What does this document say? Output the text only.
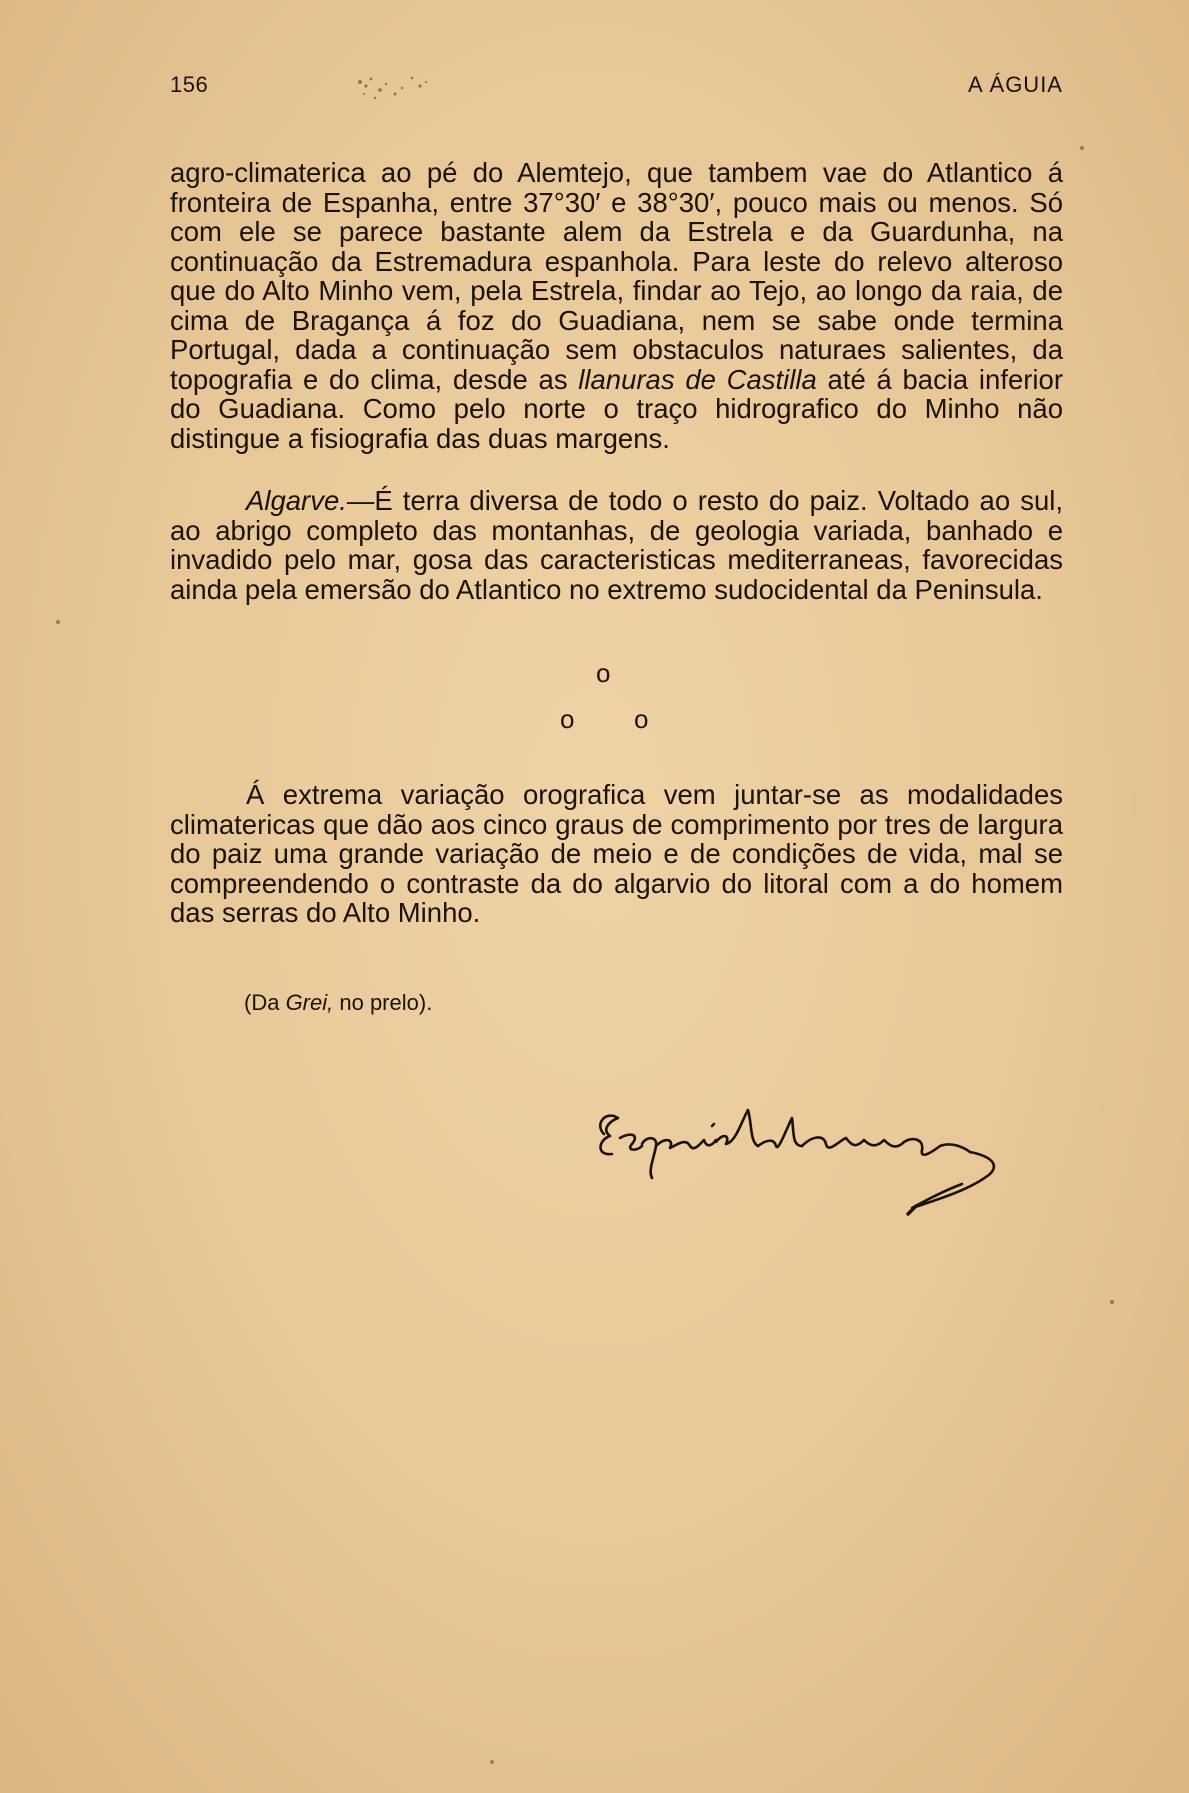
156	A ÁGUIA

agro-climaterica ao pé do Alemtejo, que tambem vae do Atlantico á fronteira de Espanha, entre 37°30′ e 38°30′, pouco mais ou menos. Só com ele se parece bastante alem da Estrela e da Guardunha, na continuação da Estremadura espanhola. Para leste do relevo alteroso que do Alto Minho vem, pela Estrela, findar ao Tejo, ao longo da raia, de cima de Bragança á foz do Guadiana, nem se sabe onde termina Portugal, dada a continuação sem obstaculos naturaes salientes, da topografia e do clima, desde as llanuras de Castilla até á bacia inferior do Guadiana. Como pelo norte o traço hidrografico do Minho não distingue a fisiografia das duas margens.

Algarve.—É terra diversa de todo o resto do paiz. Voltado ao sul, ao abrigo completo das montanhas, de geologia variada, banhado e invadido pelo mar, gosa das caracteristicas mediterraneas, favorecidas ainda pela emersão do Atlantico no extremo sudocidental da Peninsula.

o
o o

Á extrema variação orografica vem juntar-se as modalidades climatericas que dão aos cinco graus de comprimento por tres de largura do paiz uma grande variação de meio e de condições de vida, mal se compreendendo o contraste da do algarvio do litoral com a do homem das serras do Alto Minho.

(Da Grei, no prelo).
